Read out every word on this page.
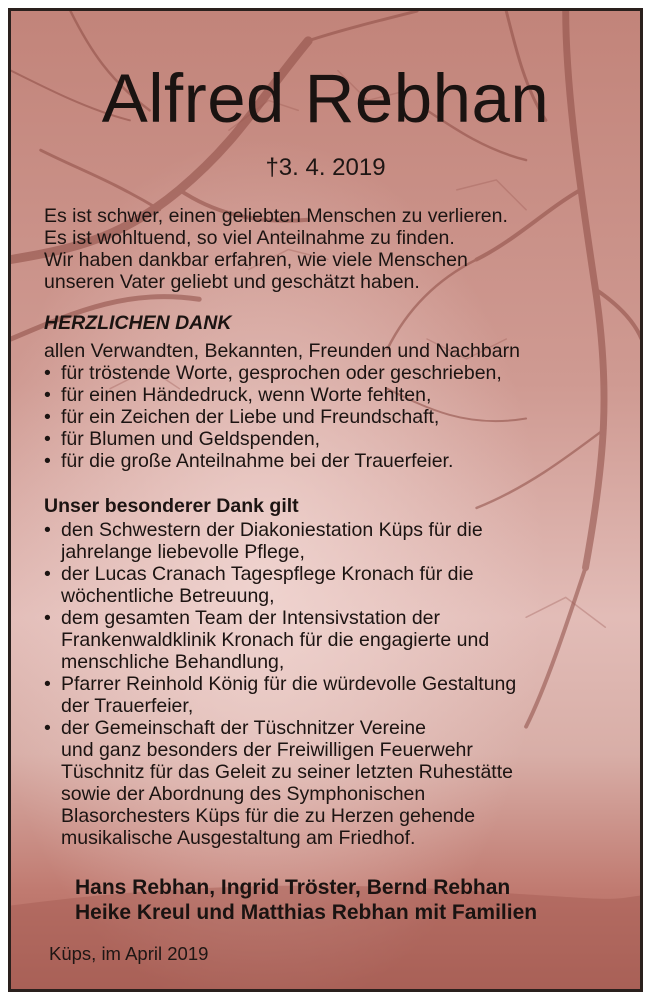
Alfred Rebhan
†3. 4. 2019
Es ist schwer, einen geliebten Menschen zu verlieren.
Es ist wohltuend, so viel Anteilnahme zu finden.
Wir haben dankbar erfahren, wie viele Menschen
unseren Vater geliebt und geschätzt haben.
HERZLICHEN DANK
allen Verwandten, Bekannten, Freunden und Nachbarn
• für tröstende Worte, gesprochen oder geschrieben,
• für einen Händedruck, wenn Worte fehlten,
• für ein Zeichen der Liebe und Freundschaft,
• für Blumen und Geldspenden,
• für die große Anteilnahme bei der Trauerfeier.
Unser besonderer Dank gilt
• den Schwestern der Diakoniestation Küps für die
jahrelange liebevolle Pflege,
• der Lucas Cranach Tagespflege Kronach für die
wöchentliche Betreuung,
• dem gesamten Team der Intensivstation der
Frankenwaldklinik Kronach für die engagierte und
menschliche Behandlung,
• Pfarrer Reinhold König für die würdevolle Gestaltung
der Trauerfeier,
• der Gemeinschaft der Tüschnitzer Vereine
und ganz besonders der Freiwilligen Feuerwehr
Tüschnitz für das Geleit zu seiner letzten Ruhestätte
sowie der Abordnung des Symphonischen
Blasorchesters Küps für die zu Herzen gehende
musikalische Ausgestaltung am Friedhof.
Hans Rebhan, Ingrid Tröster, Bernd Rebhan
Heike Kreul und Matthias Rebhan mit Familien
Küps, im April 2019
